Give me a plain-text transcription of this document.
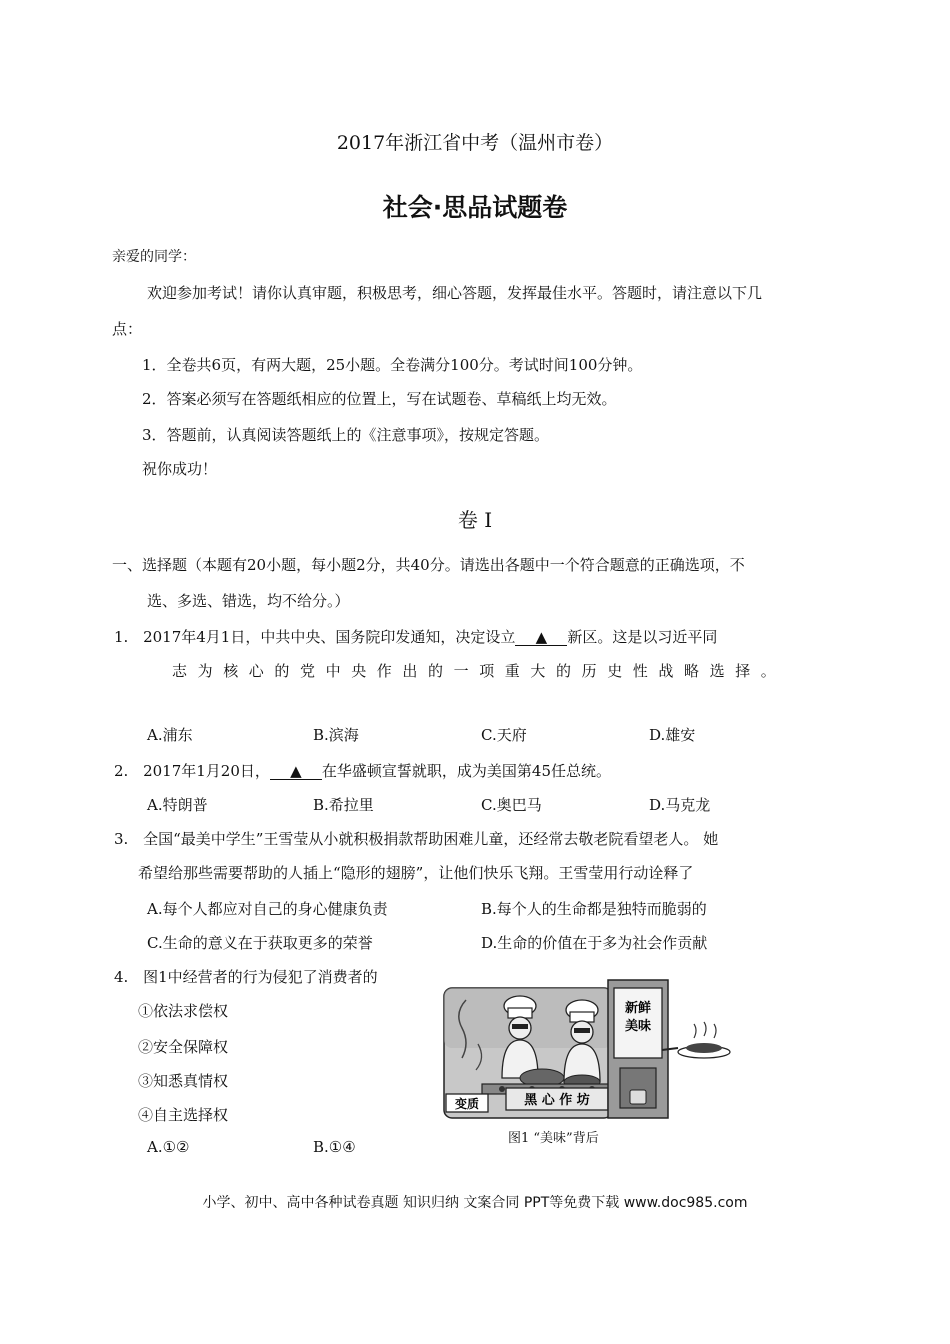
2017年浙江省中考（温州市卷）
社会·思品试题卷
亲爱的同学：
欢迎参加考试！请你认真审题，积极思考，细心答题，发挥最佳水平。答题时，请注意以下几
点：
1．全卷共6页，有两大题，25小题。全卷满分100分。考试时间100分钟。
2．答案必须写在答题纸相应的位置上，写在试题卷、草稿纸上均无效。
3．答题前，认真阅读答题纸上的《注意事项》，按规定答题。
祝你成功！
卷 Ⅰ
一、选择题（本题有20小题，每小题2分，共40分。请选出各题中一个符合题意的正确选项，不
选、多选、错选，均不给分。）
1. 2017年4月1日，中共中央、国务院印发通知，决定设立 ▲ 新区。这是以习近平同
志为核心的党中央作出的一项重大的历史性战略选择。
A.浦东	B.滨海	C.天府	D.雄安
2. 2017年1月20日， ▲ 在华盛顿宣誓就职，成为美国第45任总统。
A.特朗普	B.希拉里	C.奥巴马	D.马克龙
3. 全国“最美中学生”王雪莹从小就积极捐款帮助困难儿童，还经常去敬老院看望老人。 她
希望给那些需要帮助的人插上“隐形的翅膀”，让他们快乐飞翔。王雪莹用行动诠释了
A.每个人都应对自己的身心健康负责	B.每个人的生命都是独特而脆弱的
C.生命的意义在于获取更多的荣誉	D.生命的价值在于多为社会作贡献
4. 图1中经营者的行为侵犯了消费者的
①依法求偿权
②安全保障权
③知悉真情权
④自主选择权
A.①②	B.①④
黑 心 作 坊
变质
新鲜
美味
图1 “美味”背后
小学、初中、高中各种试卷真题 知识归纳 文案合同 PPT等免费下载 www.doc985.com
